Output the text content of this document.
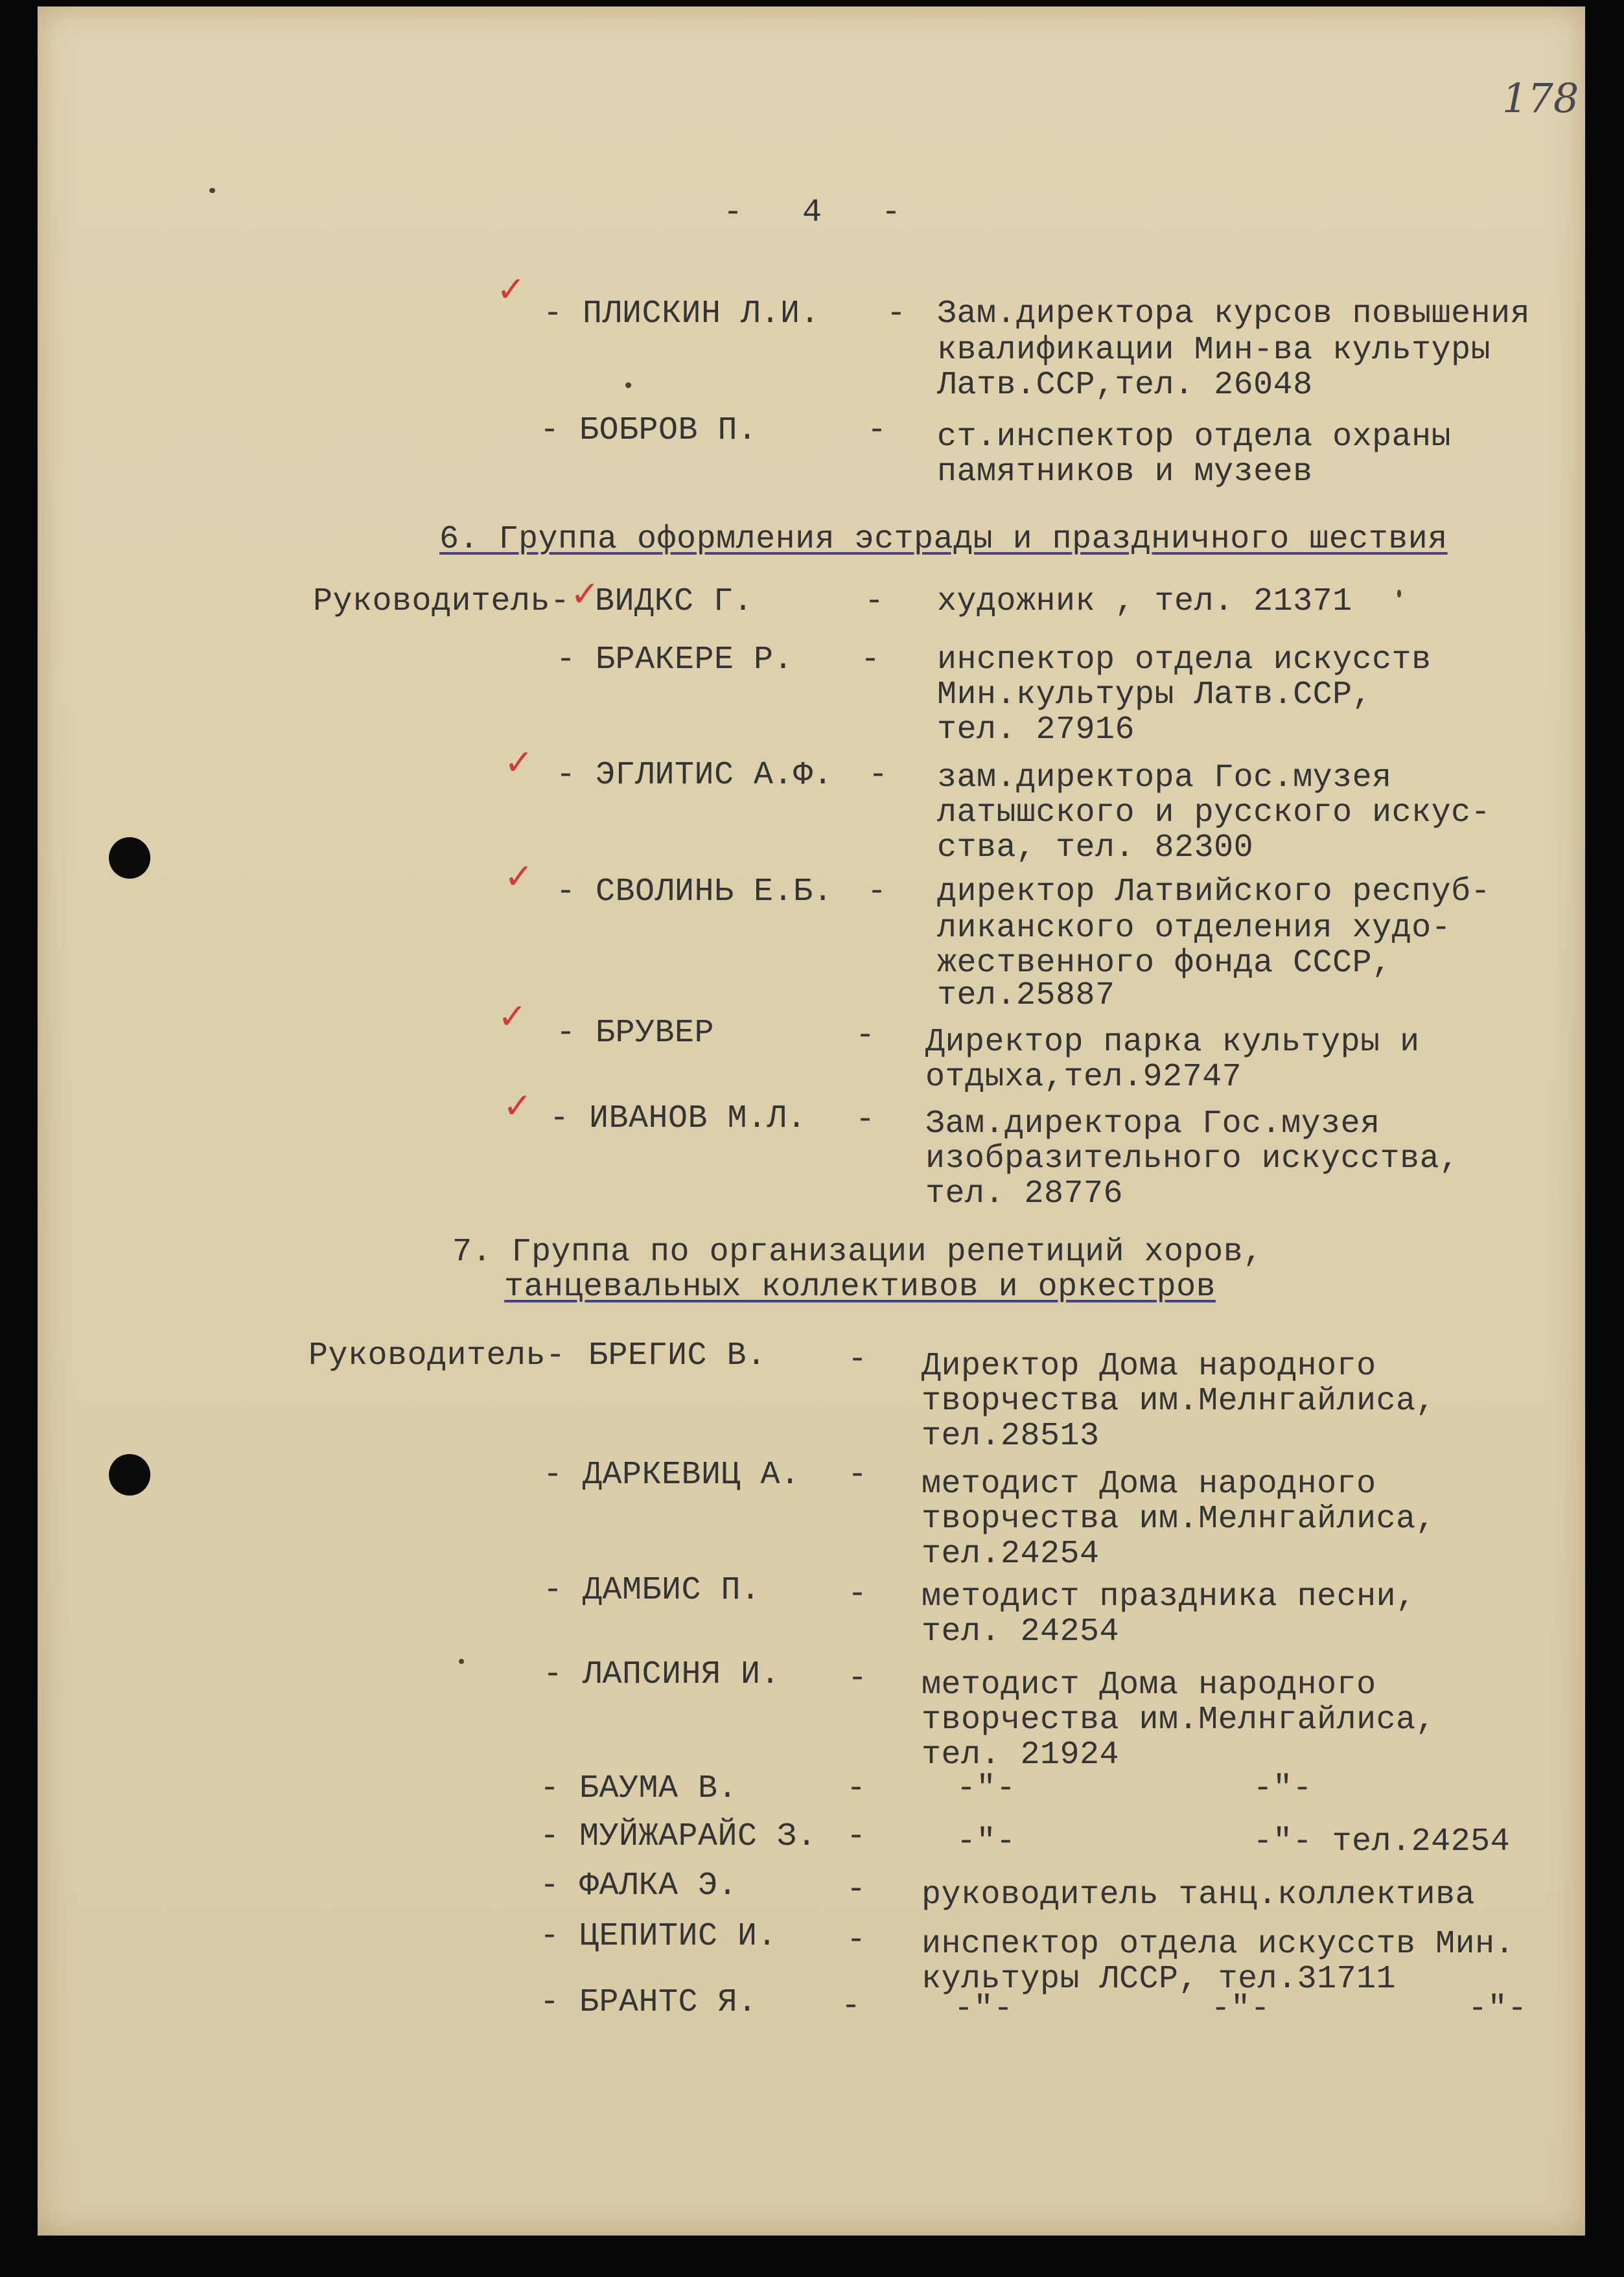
178
-   4   -
✓
- ПЛИСКИН Л.И. - Зам.директора курсов повышения
квалификации Мин-ва культуры
Латв.ССР,тел. 26048
- БОБРОВ П.	- ст.инспектор отдела охраны
памятников и музеев
6. Группа оформления эстрады и праздничного шествия
Руководитель- ✓
ВИДКС Г.	- художник , тел. 21371
- БРАКЕРЕ Р. - инспектор отдела искусств
Мин.культуры Латв.ССР,
тел. 27916
✓ - ЭГЛИТИС А.Ф. - зам.директора Гос.музея
латышского и русского искус-
ства, тел. 82300
✓ - СВОЛИНЬ Е.Б. - директор Латвийского респуб-
ликанского отделения худо-
жественного фонда СССР,
тел.25887
✓ - БРУВЕР	- Директор парка культуры и
отдыха,тел.92747
✓ - ИВАНОВ М.Л. - Зам.директора Гос.музея
изобразительного искусства,
тел. 28776
7. Группа по организации репетиций хоров,
танцевальных коллективов и оркестров
Руководитель- БРЕГИС В.	- Директор Дома народного
творчества им.Мелнгайлиса,
тел.28513
- ДАРКЕВИЦ А. - методист Дома народного
творчества им.Мелнгайлиса,
тел.24254
- ДАМБИС П.	- методист праздника песни,
тел. 24254
- ЛАПСИНЯ И. - методист Дома народного
творчества им.Мелнгайлиса,
тел. 21924
- БАУМА В.	-	-"-            -"-
- МУЙЖАРАЙС З. -	-"-            -"- тел.24254
- ФАЛКА Э.	- руководитель танц.коллектива
- ЦЕПИТИС И. - инспектор отдела искусств Мин.
культуры ЛССР, тел.31711
- БРАНТС Я.	-	-"-          -"-          -"-
